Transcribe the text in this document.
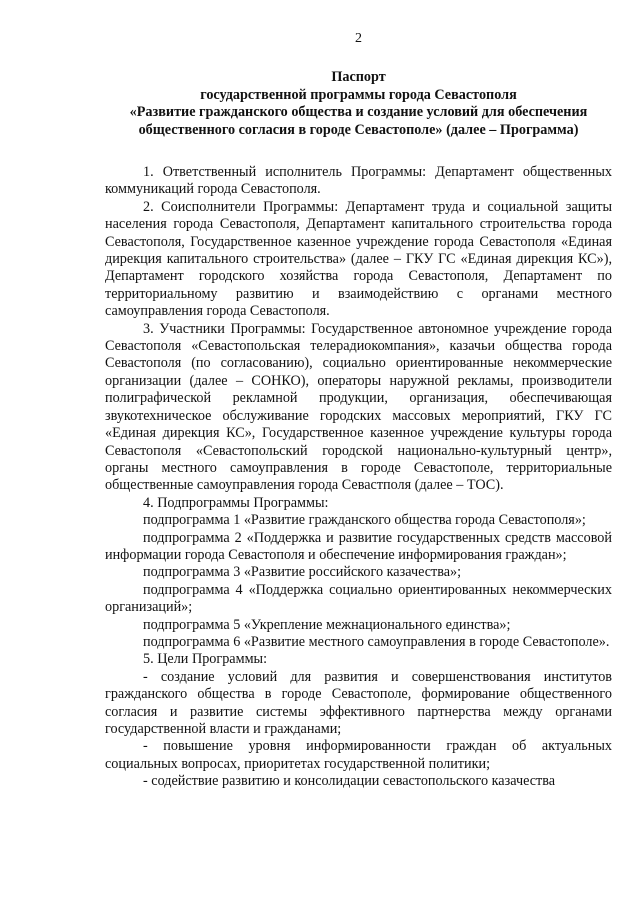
2
Паспорт
государственной программы города Севастополя
«Развитие гражданского общества и создание условий для обеспечения
общественного согласия в городе Севастополе» (далее – Программа)

1. Ответственный исполнитель Программы: Департамент общественных коммуникаций города Севастополя.

2. Соисполнители Программы: Департамент труда и социальной защиты населения города Севастополя, Департамент капитального строительства города Севастополя, Государственное казенное учреждение города Севастополя «Единая дирекция капитального строительства» (далее – ГКУ ГС «Единая дирекция КС»), Департамент городского хозяйства города Севастополя, Департамент по территориальному развитию и взаимодействию с органами местного самоуправления города Севастополя.

3. Участники Программы: Государственное автономное учреждение города Севастополя «Севастопольская телерадиокомпания», казачьи общества города Севастополя (по согласованию), социально ориентированные некоммерческие организации (далее – СОНКО), операторы наружной рекламы, производители полиграфической рекламной продукции, организация, обеспечивающая звукотехническое обслуживание городских массовых мероприятий, ГКУ ГС «Единая дирекция КС», Государственное казенное учреждение культуры города Севастополя «Севастопольский городской национально-культурный центр», органы местного самоуправления в городе Севастополе, территориальные общественные самоуправления города Севастполя (далее – ТОС).

4. Подпрограммы Программы:

подпрограмма 1 «Развитие гражданского общества города Севастополя»;

подпрограмма 2 «Поддержка и развитие государственных средств массовой информации города Севастополя и обеспечение информирования граждан»;

подпрограмма 3 «Развитие российского казачества»;

подпрограмма 4 «Поддержка социально ориентированных некоммерческих организаций»;

подпрограмма 5 «Укрепление межнационального единства»;

подпрограмма 6 «Развитие местного самоуправления в городе Севастополе».

5. Цели Программы:

- создание условий для развития и совершенствования институтов гражданского общества в городе Севастополе, формирование общественного согласия и развитие системы эффективного партнерства между органами государственной власти и гражданами;

- повышение уровня информированности граждан об актуальных социальных вопросах, приоритетах государственной политики;

- содействие развитию и консолидации севастопольского казачества
